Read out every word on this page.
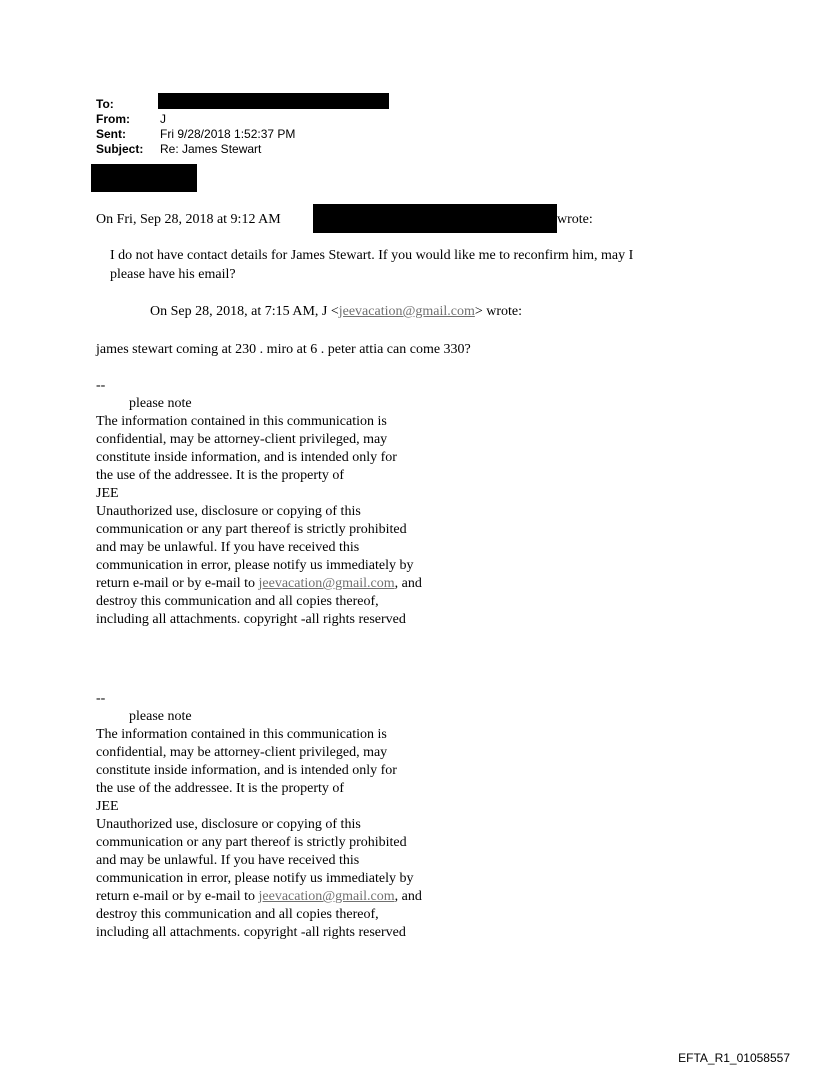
To:
From:	J
Sent:	Fri 9/28/2018 1:52:37 PM
Subject: Re: James Stewart
On Fri, Sep 28, 2018 at 9:12 AM	wrote:
I do not have contact details for James Stewart. If you would like me to reconfirm him, may I
please have his email?
On Sep 28, 2018, at 7:15 AM, J <jeevacation@gmail.com> wrote:
james stewart coming at 230 . miro at 6 . peter attia can come 330?
--
please note
The information contained in this communication is
confidential, may be attorney-client privileged, may
constitute inside information, and is intended only for
the use of the addressee. It is the property of
JEE
Unauthorized use, disclosure or copying of this
communication or any part thereof is strictly prohibited
and may be unlawful. If you have received this
communication in error, please notify us immediately by
return e-mail or by e-mail to jeevacation@gmail.com, and
destroy this communication and all copies thereof,
including all attachments. copyright -all rights reserved
--
please note
The information contained in this communication is
confidential, may be attorney-client privileged, may
constitute inside information, and is intended only for
the use of the addressee. It is the property of
JEE
Unauthorized use, disclosure or copying of this
communication or any part thereof is strictly prohibited
and may be unlawful. If you have received this
communication in error, please notify us immediately by
return e-mail or by e-mail to jeevacation@gmail.com, and
destroy this communication and all copies thereof,
including all attachments. copyright -all rights reserved
EFTA_R1_01058557
